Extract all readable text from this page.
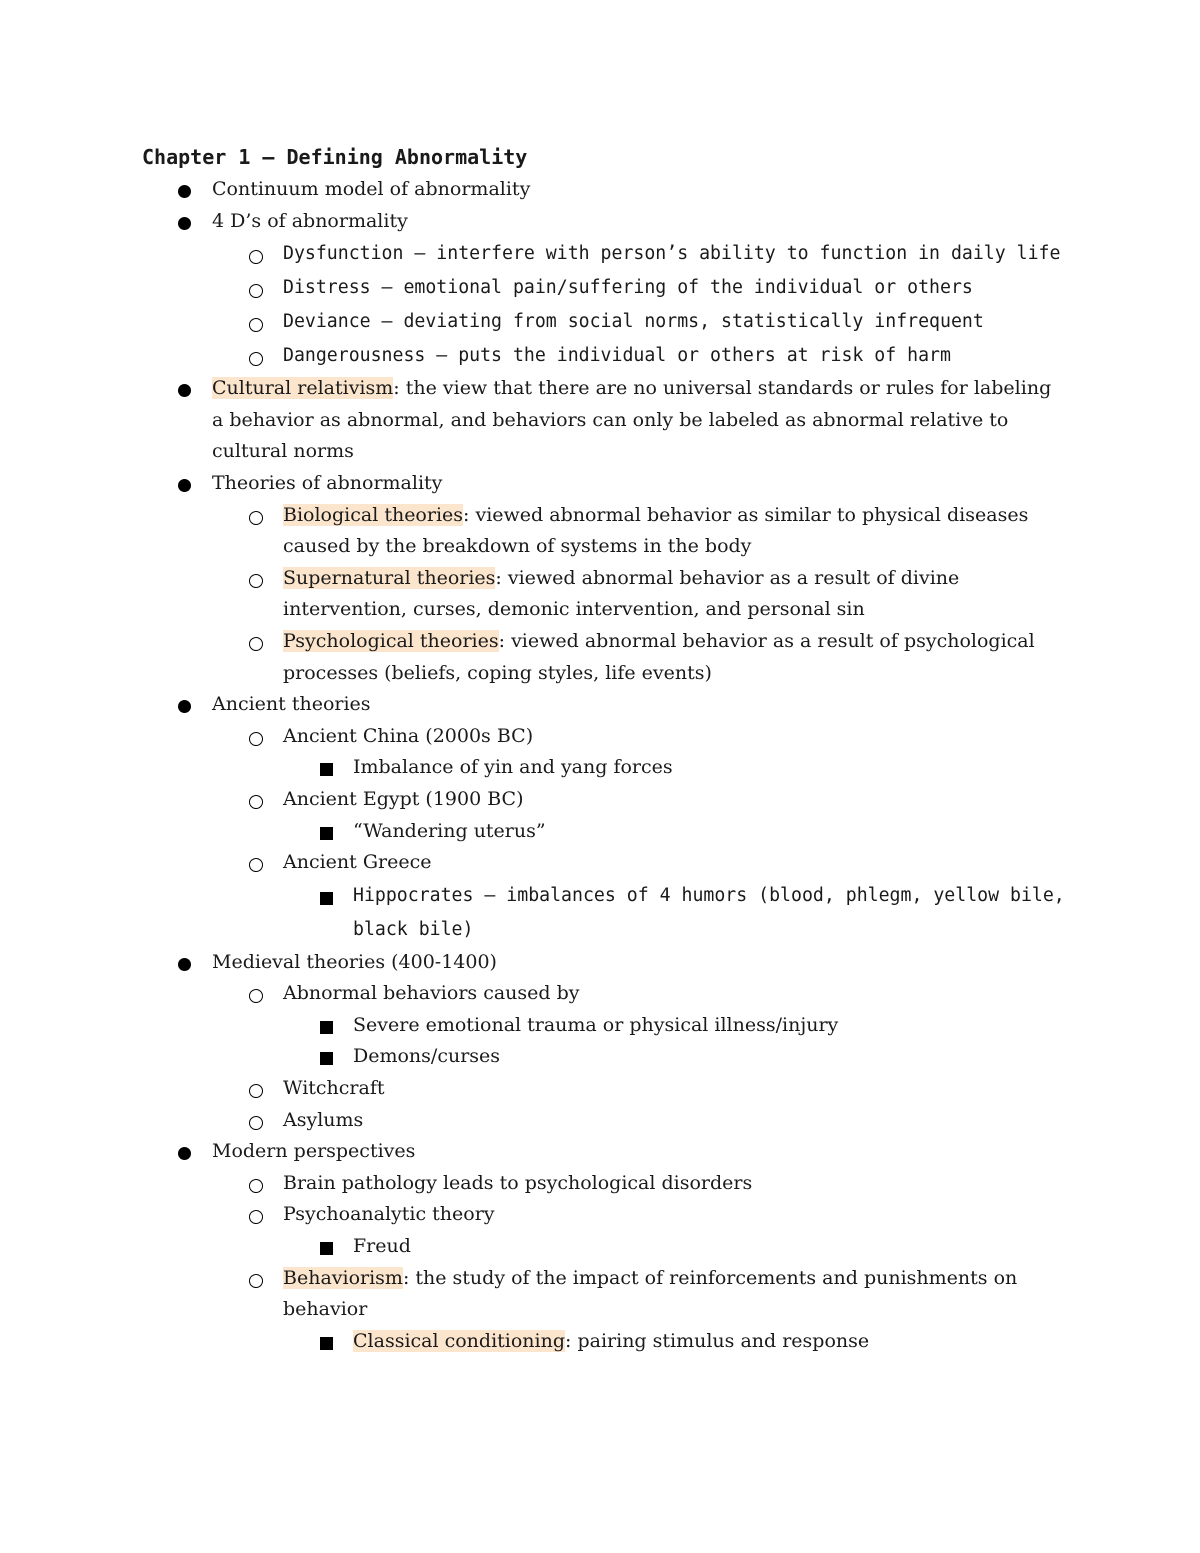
Chapter 1 – Defining Abnormality
Continuum model of abnormality
4 D’s of abnormality
Dysfunction – interfere with person’s ability to function in daily life
Distress – emotional pain/suffering of the individual or others
Deviance – deviating from social norms, statistically infrequent
Dangerousness – puts the individual or others at risk of harm
Cultural relativism: the view that there are no universal standards or rules for labeling a behavior as abnormal, and behaviors can only be labeled as abnormal relative to cultural norms
Theories of abnormality
Biological theories: viewed abnormal behavior as similar to physical diseases caused by the breakdown of systems in the body
Supernatural theories: viewed abnormal behavior as a result of divine intervention, curses, demonic intervention, and personal sin
Psychological theories: viewed abnormal behavior as a result of psychological processes (beliefs, coping styles, life events)
Ancient theories
Ancient China (2000s BC)
Imbalance of yin and yang forces
Ancient Egypt (1900 BC)
“Wandering uterus”
Ancient Greece
Hippocrates – imbalances of 4 humors (blood, phlegm, yellow bile, black bile)
Medieval theories (400-1400)
Abnormal behaviors caused by
Severe emotional trauma or physical illness/injury
Demons/curses
Witchcraft
Asylums
Modern perspectives
Brain pathology leads to psychological disorders
Psychoanalytic theory
Freud
Behaviorism: the study of the impact of reinforcements and punishments on behavior
Classical conditioning: pairing stimulus and response
